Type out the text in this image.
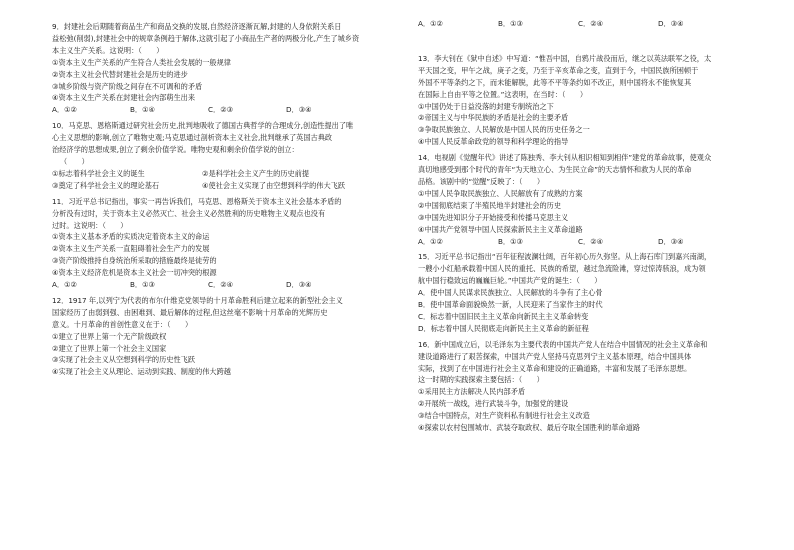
9．封建社会后期随着商品生产和商品交换的发展,自然经济逐渐瓦解,封建的人身依附关系日
益松弛(削弱),封建社会中的规章条例趋于解体,这就引起了小商品生产者的两极分化,产生了城乡资
本主义生产关系。这说明：（　　）
①资本主义生产关系的产生符合人类社会发展的一般规律
②资本主义社会代替封建社会是历史的进步
③城乡阶级与资产阶级之间存在不可调和的矛盾
④资本主义生产关系在封建社会内部萌生出来
A．①②	B．①④	C．②③	D．③④
10．马克思、恩格斯通过研究社会历史,批判地吸收了德国古典哲学的合理成分,创造性提出了唯
心主义思想的影响,创立了唯物史观;马克思通过剖析资本主义社会,批判继承了英国古典政
治经济学的思想成果,创立了剩余价值学说。唯物史观和剩余价值学说的创立：
（　　）
①标志着科学社会主义的诞生	②是科学社会主义产生的历史前提
③奠定了科学社会主义的理论基石	④使社会主义实现了由空想到科学的伟大飞跃
11．习近平总书记指出，事实一再告诉我们，马克思、恩格斯关于资本主义社会基本矛盾的
分析没有过时，关于资本主义必然灭亡、社会主义必然胜利的历史唯物主义观点也没有
过时。这说明：（　　）
①资本主义基本矛盾的实质决定着资本主义的命运
②资本主义生产关系一直阻碍着社会生产力的发展
③资产阶级推持自身统治所采取的措施最终是徒劳的
④资本主义经济危机是资本主义社会一切冲突的根源
A．①②	B．①③	C．②④	D．③④
12．1917 年,以列宁为代表的布尔什维克党领导的十月革命胜利后建立起来的新型社会主义
国家经历了由弱到强、由困难到、最后解体的过程,但这丝毫不影响十月革命的光辉历史
意义。十月革命的首创性意义在于：（　　）
①建立了世界上第一个无产阶级政权
②建立了世界上第一个社会主义国家
③实现了社会主义从空想到科学的历史性飞跃
④实现了社会主义从理论、运动到实践、制度的伟大跨越
A．①②	B．①③	C．②④	D．③④
13．李大钊在《狱中自述》中写道：“惟吾中国，自鸦片战役而后，继之以英法联军之役，太
平天国之变，甲午之战，庚子之变，乃至于辛亥革命之变，直到于今，中国民族所困顿于
外国不平等条约之下，而未能解脱，此等不平等条约如不改正，则中国将永不能恢复其
在国际上自由平等之位置。”这表明，在当时：（　　）
①中国仍处于日益没落的封建专制统治之下
②帝国主义与中华民族的矛盾是社会的主要矛盾
③争取民族独立、人民解放是中国人民的历史任务之一
④中国人民反革命政党的领导和科学理论的指导
14．电视剧《觉醒年代》讲述了陈独秀、李大钊从相识相知到相伴”建党的革命故事，使观众
真切地感受到那个时代的青年“为天地立心、为生民立命”的天志情怀和救为人民的革命
品格。该剧中的“觉醒”反映了：（　　）
①中国人民争取民族独立、人民解放有了成熟的方案
②中国彻底结束了半殖民地半封建社会的历史
③中国先进知识分子开始接受和传播马克思主义
④中国共产党领导中国人民探索新民主主义革命道路
A．①②	B．①③	C．②④	D．③④
15．习近平总书记指出“百年征程波澜壮阔，百年初心历久弥坚。从上海石库门到嘉兴南湖，
一艘小小红船承载着中国人民的重托、民族的希望，越过急流险滩，穿过惊涛骇浪，成为领
航中国行稳致远的巍巍巨轮。”中国共产党的诞生：（　　）
A．使中国人民谋求民族独立、人民解放的斗争有了主心骨
B．使中国革命面貌焕然一新，人民迎来了当家作主的时代
C．标志着中国旧民主主义革命向新民主主义革命转变
D．标志着中国人民彻底走向新民主主义革命的新征程
16．新中国成立后，以毛泽东为主要代表的中国共产党人在结合中国情况的社会主义革命和
建设道路进行了艰苦探索，中国共产党人坚持马克思列宁主义基本原理，结合中国具体
实际，找到了在中国进行社会主义革命和建设的正确道路，丰富和发展了毛泽东思想。
这一时期的实践探索主要包括：（　　）
①采用民主方法解决人民内部矛盾
②开展统一战线，进行武装斗争，加强党的建设
③结合中国特点，对生产资料私有制进行社会主义改造
④探索以农村包围城市、武装夺取政权、最后夺取全国胜利的革命道路
